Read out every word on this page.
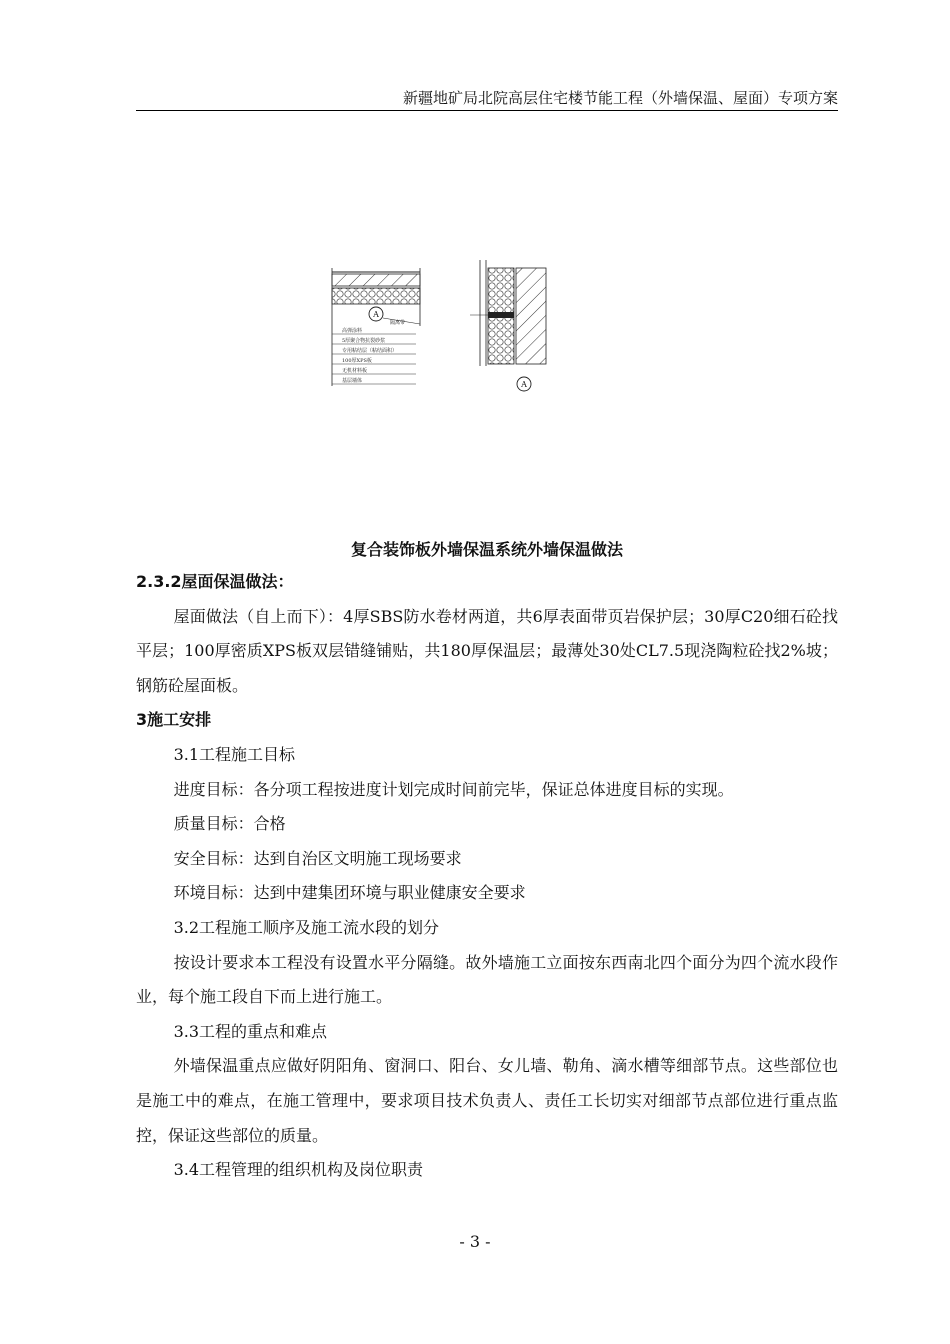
新疆地矿局北院高层住宅楼节能工程（外墙保温、屋面）专项方案
A
隔离带
高弹涂料
5厚聚合物抗裂砂浆
专用粘结层（粘结面积）
100厚XPS板
无机材料板
基层墙体	A
复合装饰板外墙保温系统外墙保温做法

2.3.2屋面保温做法：

屋面做法（自上而下）：4厚SBS防水卷材两道，共6厚表面带页岩保护层；30厚C20细石砼找平层；100厚密质XPS板双层错缝铺贴，共180厚保温层；最薄处30处CL7.5现浇陶粒砼找2%坡；钢筋砼屋面板。

3施工安排

3.1工程施工目标

进度目标：各分项工程按进度计划完成时间前完毕，保证总体进度目标的实现。

质量目标：合格

安全目标：达到自治区文明施工现场要求

环境目标：达到中建集团环境与职业健康安全要求

3.2工程施工顺序及施工流水段的划分

按设计要求本工程没有设置水平分隔缝。故外墙施工立面按东西南北四个面分为四个流水段作业，每个施工段自下而上进行施工。

3.3工程的重点和难点

外墙保温重点应做好阴阳角、窗洞口、阳台、女儿墙、勒角、滴水槽等细部节点。这些部位也是施工中的难点，在施工管理中，要求项目技术负责人、责任工长切实对细部节点部位进行重点监控，保证这些部位的质量。

3.4工程管理的组织机构及岗位职责

- 3 -
